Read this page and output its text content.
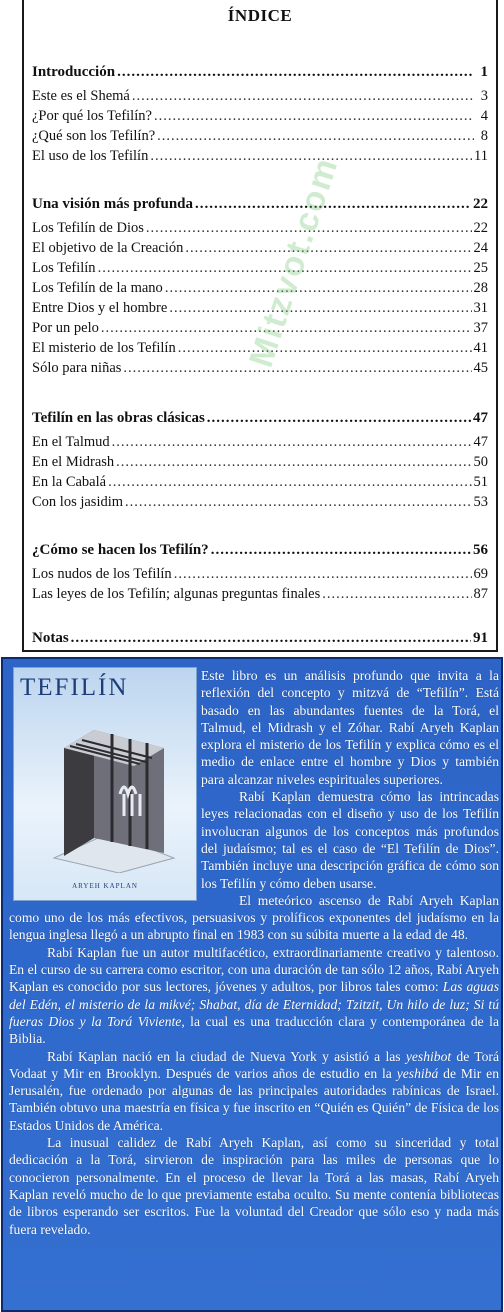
ÍNDICE
Introducción .....	1
Este es el Shemá .....	3
¿Por qué los Tefilín? .....	4
¿Qué son los Tefilín? .....	8
El uso de los Tefilín .....	11
Una visión más profunda .....	22
Los Tefilín de Dios .....	22
El objetivo de la Creación .....	24
Los Tefilín .....	25
Los Tefilín de la mano .....	28
Entre Dios y el hombre .....	31
Por un pelo .....	37
El misterio de los Tefilín .....	41
Sólo para niñas .....	45
Tefilín en las obras clásicas .....	47
En el Talmud .....	47
En el Midrash .....	50
En la Cabalá .....	51
Con los jasidim .....	53
¿Cómo se hacen los Tefilín? .....	56
Los nudos de los Tefilín .....	69
Las leyes de los Tefilín; algunas preguntas finales .....	87
Notas .....	91
Mitzvot.com
TEFILÍN
ARYEH KAPLAN

Este libro es un análisis profundo que invita a la reflexión del concepto y mitzvá de “Tefilín”. Está basado en las abundantes fuentes de la Torá, el Talmud, el Midrash y el Zóhar. Rabí Aryeh Kaplan explora el misterio de los Tefilín y explica cómo es el medio de enlace entre el hombre y Dios y también para alcanzar niveles espirituales superiores.

Rabí Kaplan demuestra cómo las intrincadas leyes relacionadas con el diseño y uso de los Tefilín involucran algunos de los conceptos más profundos del judaísmo; tal es el caso de “El Tefilín de Dios”. También incluye una descripción gráfica de cómo son los Tefilín y cómo deben usarse.

El meteórico ascenso de Rabí Aryeh Kaplan como uno de los más efectivos, persuasivos y prolíficos exponentes del judaísmo en la lengua inglesa llegó a un abrupto final en 1983 con su súbita muerte a la edad de 48.

Rabí Kaplan fue un autor multifacético, extraordinariamente creativo y talentoso. En el curso de su carrera como escritor, con una duración de tan sólo 12 años, Rabí Aryeh Kaplan es conocido por sus lectores, jóvenes y adultos, por libros tales como: Las aguas del Edén, el misterio de la mikvé; Shabat, día de Eternidad; Tzitzit, Un hilo de luz; Si tú fueras Dios y la Torá Viviente, la cual es una traducción clara y contemporánea de la Biblia.

Rabí Kaplan nació en la ciudad de Nueva York y asistió a las yeshibot de Torá Vodaat y Mir en Brooklyn. Después de varios años de estudio en la yeshibá de Mir en Jerusalén, fue ordenado por algunas de las principales autoridades rabínicas de Israel. También obtuvo una maestría en física y fue inscrito en “Quién es Quién” de Física de los Estados Unidos de América.

La inusual calidez de Rabí Aryeh Kaplan, así como su sinceridad y total dedicación a la Torá, sirvieron de inspiración para las miles de personas que lo conocieron personalmente. En el proceso de llevar la Torá a las masas, Rabí Aryeh Kaplan reveló mucho de lo que previamente estaba oculto. Su mente contenía bibliotecas de libros esperando ser escritos. Fue la voluntad del Creador que sólo eso y nada más fuera revelado.
